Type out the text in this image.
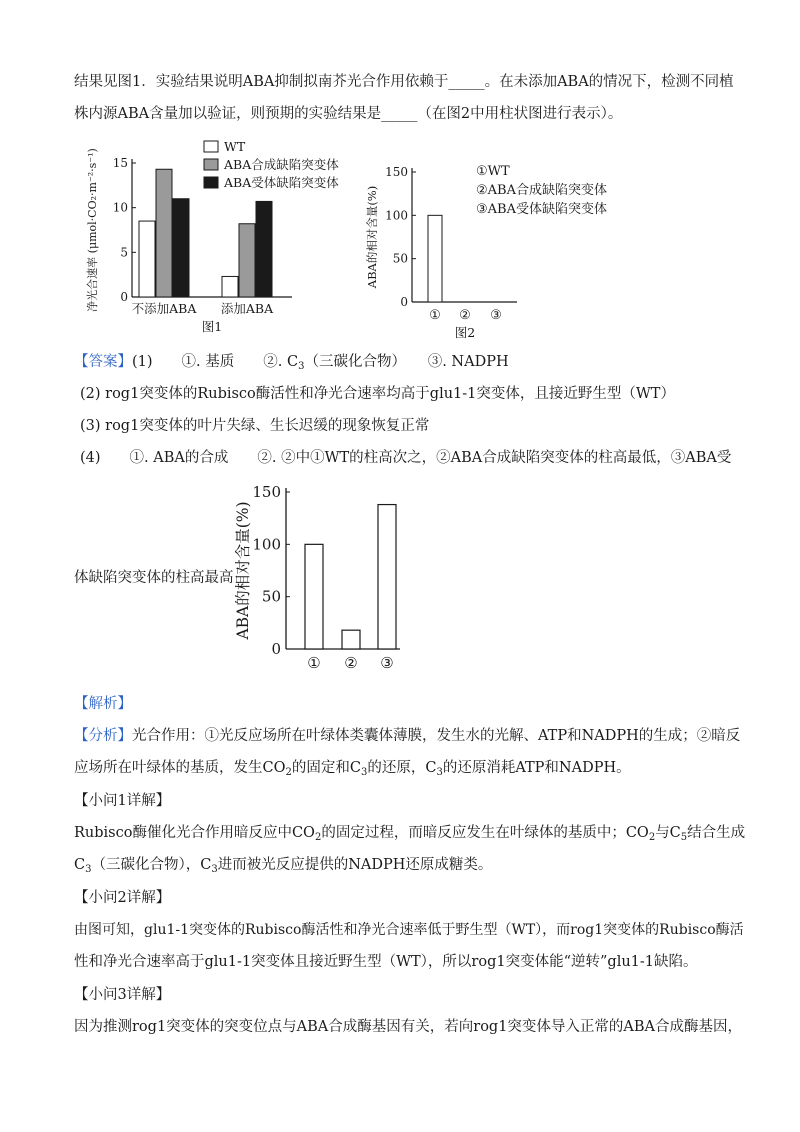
结果见图1．实验结果说明ABA抑制拟南芥光合作用依赖于_____。在未添加ABA的情况下，检测不同植
株内源ABA含量加以验证，则预期的实验结果是_____（在图2中用柱状图进行表示）。
0
5
10
15
不添加ABA 添加ABA
图1
净光合速率 (μmol·CO₂·m⁻²·s⁻¹)
WT
ABA合成缺陷突变体
ABA受体缺陷突变体
0
50
100
150
① ② ③
图2
ABA的相对含量(%)
①WT
②ABA合成缺陷突变体
③ABA受体缺陷突变体
【答案】(1)　　①. 基质　　②. $C_3$（三碳化合物）　　③. NADPH
(2) rog1突变体的Rubisco酶活性和净光合速率均高于glu1-1突变体，且接近野生型（WT）
(3) rog1突变体的叶片失绿、生长迟缓的现象恢复正常
(4)　　①. ABA的合成　　②. ②中①WT的柱高次之，②ABA合成缺陷突变体的柱高最低，③ABA受
体缺陷突变体的柱高最高
0
50
100
150
① ② ③
ABA的相对含量(%)
【解析】
【分析】光合作用：①光反应场所在叶绿体类囊体薄膜，发生水的光解、ATP和NADPH的生成；②暗反
应场所在叶绿体的基质，发生$CO_2$的固定和$C_3$的还原，$C_3$的还原消耗ATP和NADPH。
【小问1详解】
Rubisco酶催化光合作用暗反应中$CO_2$的固定过程，而暗反应发生在叶绿体的基质中；$CO_2$与$C_5$结合生成
$C_3$（三碳化合物），$C_3$进而被光反应提供的NADPH还原成糖类。
【小问2详解】
由图可知，glu1-1突变体的Rubisco酶活性和净光合速率低于野生型（WT），而rog1突变体的Rubisco酶活
性和净光合速率高于glu1-1突变体且接近野生型（WT），所以rog1突变体能“逆转”glu1-1缺陷。
【小问3详解】
因为推测rog1突变体的突变位点与ABA合成酶基因有关，若向rog1突变体导入正常的ABA合成酶基因，
